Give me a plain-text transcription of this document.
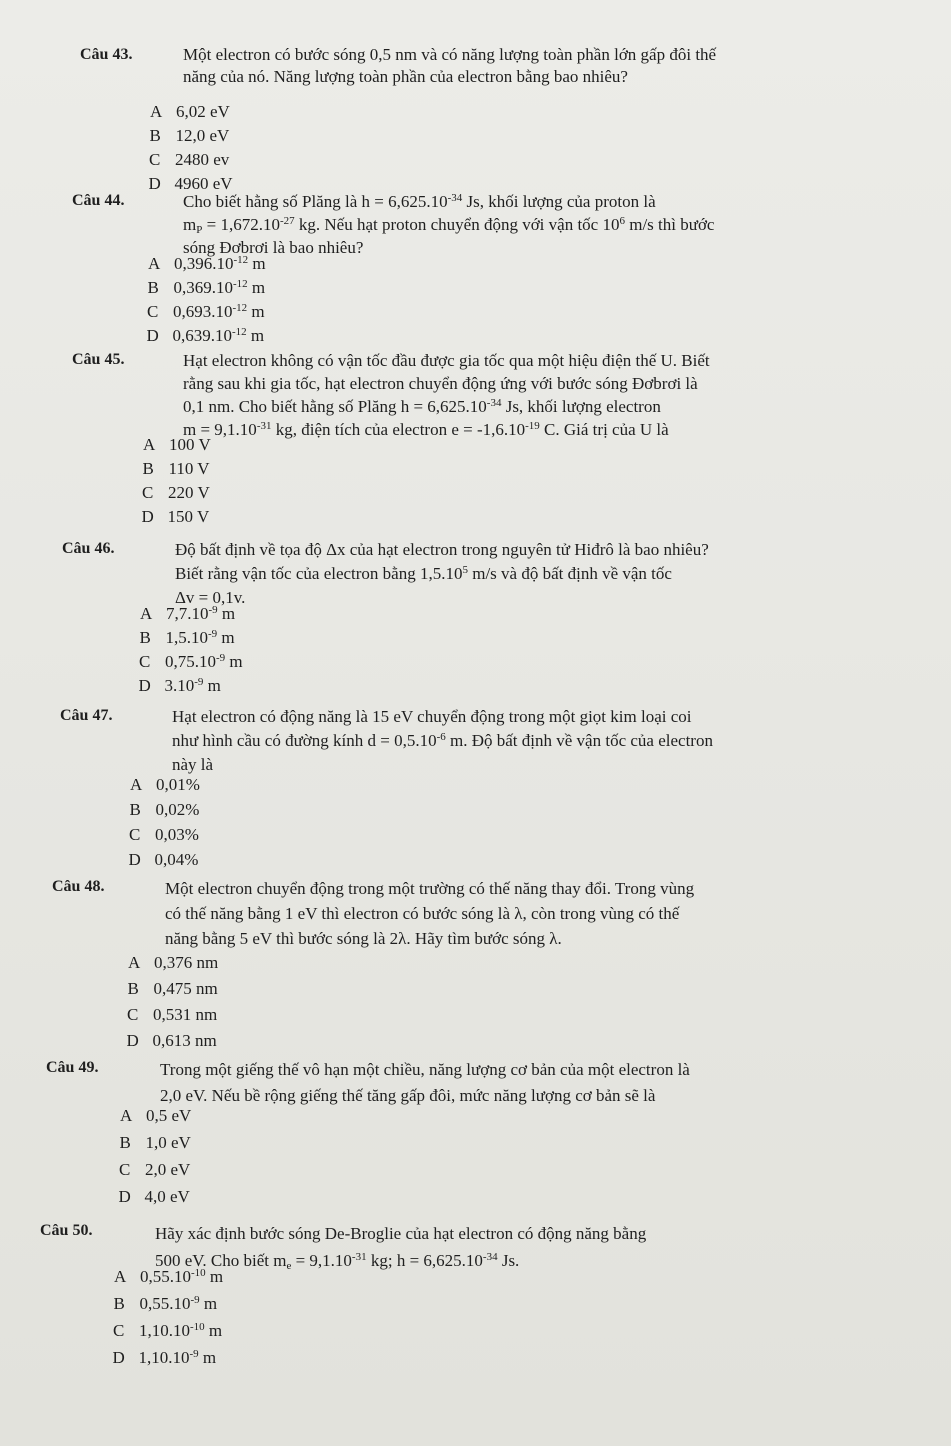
Câu 43.	Một electron có bước sóng 0,5 nm và có năng lượng toàn phần lớn gấp đôi thế
năng của nó. Năng lượng toàn phần của electron bằng bao nhiêu?
A 6,02 eV
B 12,0 eV
C 2480 ev
D 4960 eV
Câu 44.	Cho biết hằng số Plăng là $h = 6,625.10^{-34}$ Js, khối lượng của proton là
$m_P = 1,672.10^{-27}$ kg. Nếu hạt proton chuyển động với vận tốc $10^6$ m/s thì bước
sóng Đơbrơi là bao nhiêu?
A $0,396.10^{-12}$ m
B $0,369.10^{-12}$ m
C $0,693.10^{-12}$ m
D $0,639.10^{-12}$ m
Câu 45.	Hạt electron không có vận tốc đầu được gia tốc qua một hiệu điện thế U. Biết
rằng sau khi gia tốc, hạt electron chuyển động ứng với bước sóng Đơbrơi là
0,1 nm. Cho biết hằng số Plăng $h = 6,625.10^{-34}$ Js, khối lượng electron
$m = 9,1.10^{-31}$ kg, điện tích của electron $e = -1,6.10^{-19}$ C. Giá trị của U là
A 100 V
B 110 V
C 220 V
D 150 V
Câu 46.	Độ bất định về tọa độ Δx của hạt electron trong nguyên tử Hiđrô là bao nhiêu?
Biết rằng vận tốc của electron bằng 1,5.10$^5$ m/s và độ bất định về vận tốc
Δv = 0,1v.
A $7,7.10^{-9}$ m
B $1,5.10^{-9}$ m
C $0,75.10^{-9}$ m
D $3.10^{-9}$ m
Câu 47.	Hạt electron có động năng là 15 eV chuyển động trong một giọt kim loại coi
như hình cầu có đường kính $d = 0,5.10^{-6}$ m. Độ bất định về vận tốc của electron
này là
A 0,01%
B 0,02%
C 0,03%
D 0,04%
Câu 48.	Một electron chuyển động trong một trường có thế năng thay đổi. Trong vùng
có thế năng bằng 1 eV thì electron có bước sóng là λ, còn trong vùng có thế
năng bằng 5 eV thì bước sóng là 2λ. Hãy tìm bước sóng λ.
A 0,376 nm
B 0,475 nm
C 0,531 nm
D 0,613 nm
Câu 49.	Trong một giếng thế vô hạn một chiều, năng lượng cơ bản của một electron là
2,0 eV. Nếu bề rộng giếng thế tăng gấp đôi, mức năng lượng cơ bản sẽ là
A 0,5 eV
B 1,0 eV
C 2,0 eV
D 4,0 eV
Câu 50.	Hãy xác định bước sóng De-Broglie của hạt electron có động năng bằng
500 eV. Cho biết $m_e = 9,1.10^{-31}$ kg; $h = 6,625.10^{-34}$ Js.
A $0,55.10^{-10}$ m
B $0,55.10^{-9}$ m
C $1,10.10^{-10}$ m
D $1,10.10^{-9}$ m
